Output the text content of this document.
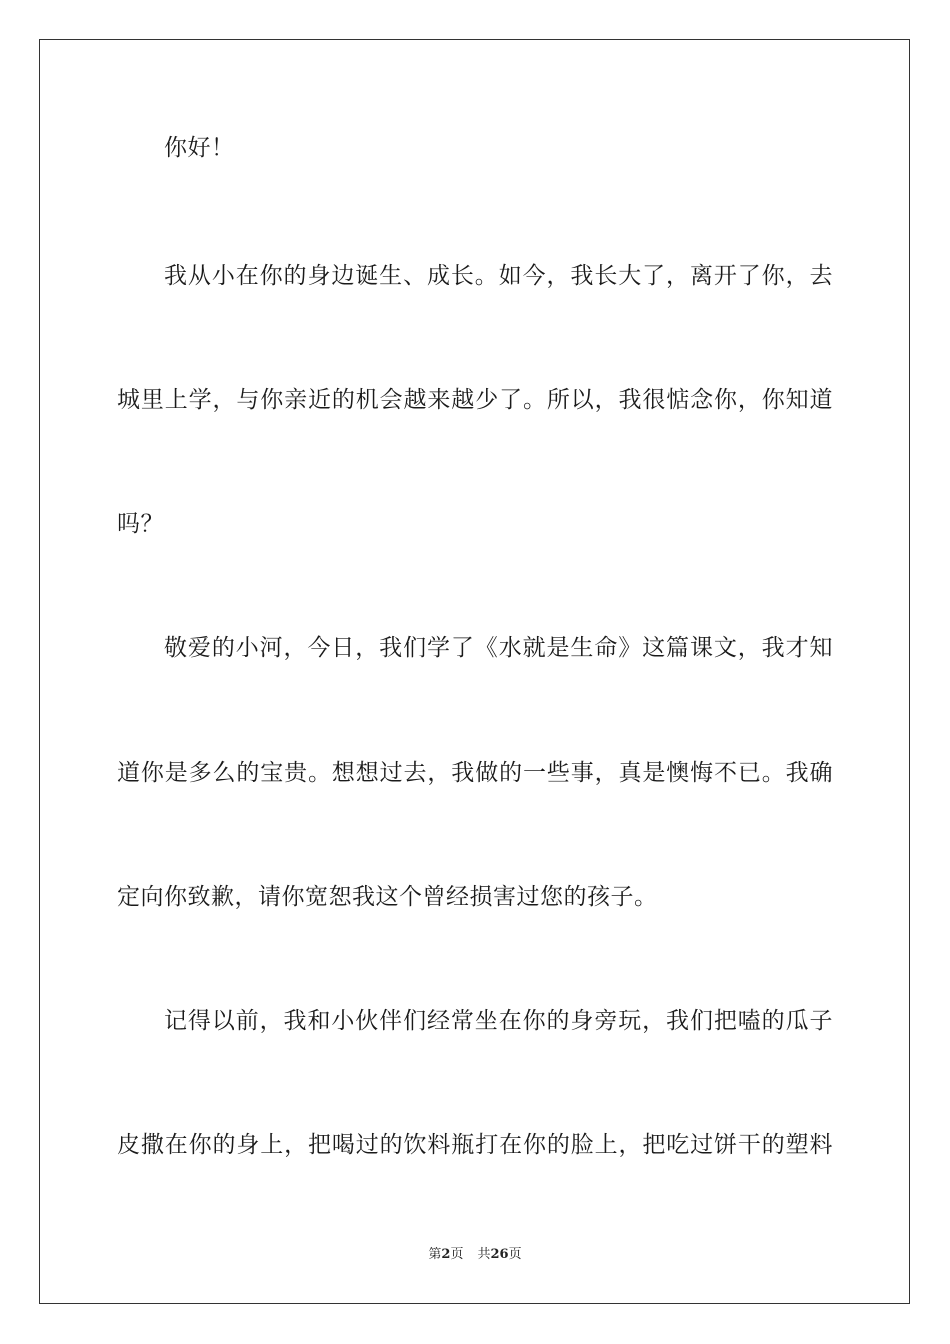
你好！
我从小在你的身边诞生、成长。如今，我长大了，离开了你，去
城里上学，与你亲近的机会越来越少了。所以，我很惦念你，你知道
吗？
敬爱的小河，今日，我们学了《水就是生命》这篇课文，我才知
道你是多么的宝贵。想想过去，我做的一些事，真是懊悔不已。我确
定向你致歉，请你宽恕我这个曾经损害过您的孩子。
记得以前，我和小伙伴们经常坐在你的身旁玩，我们把嗑的瓜子
皮撒在你的身上，把喝过的饮料瓶打在你的脸上，把吃过饼干的塑料
第2页 共26页
